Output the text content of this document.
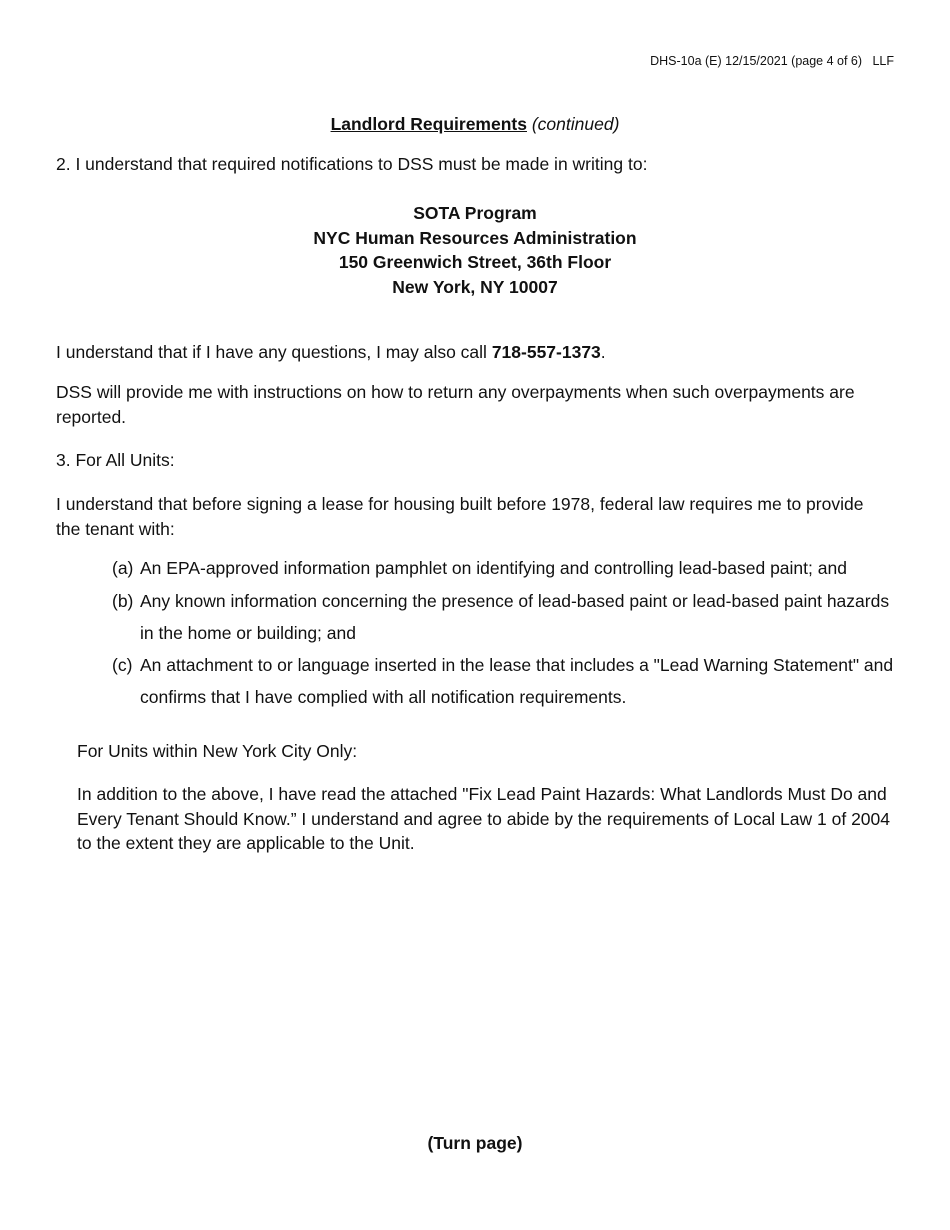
DHS-10a (E) 12/15/2021 (page 4 of 6)   LLF

Landlord Requirements (continued)

2. I understand that required notifications to DSS must be made in writing to:

SOTA Program
NYC Human Resources Administration
150 Greenwich Street, 36th Floor
New York, NY 10007

I understand that if I have any questions, I may also call 718-557-1373.

DSS will provide me with instructions on how to return any overpayments when such overpayments are reported.

3. For All Units:

I understand that before signing a lease for housing built before 1978, federal law requires me to provide the tenant with:

(a) An EPA-approved information pamphlet on identifying and controlling lead-based paint; and
(b) Any known information concerning the presence of lead-based paint or lead-based paint hazards in the home or building; and
(c) An attachment to or language inserted in the lease that includes a "Lead Warning Statement" and confirms that I have complied with all notification requirements.

For Units within New York City Only:

In addition to the above, I have read the attached "Fix Lead Paint Hazards: What Landlords Must Do and Every Tenant Should Know.” I understand and agree to abide by the requirements of Local Law 1 of 2004 to the extent they are applicable to the Unit.

(Turn page)
